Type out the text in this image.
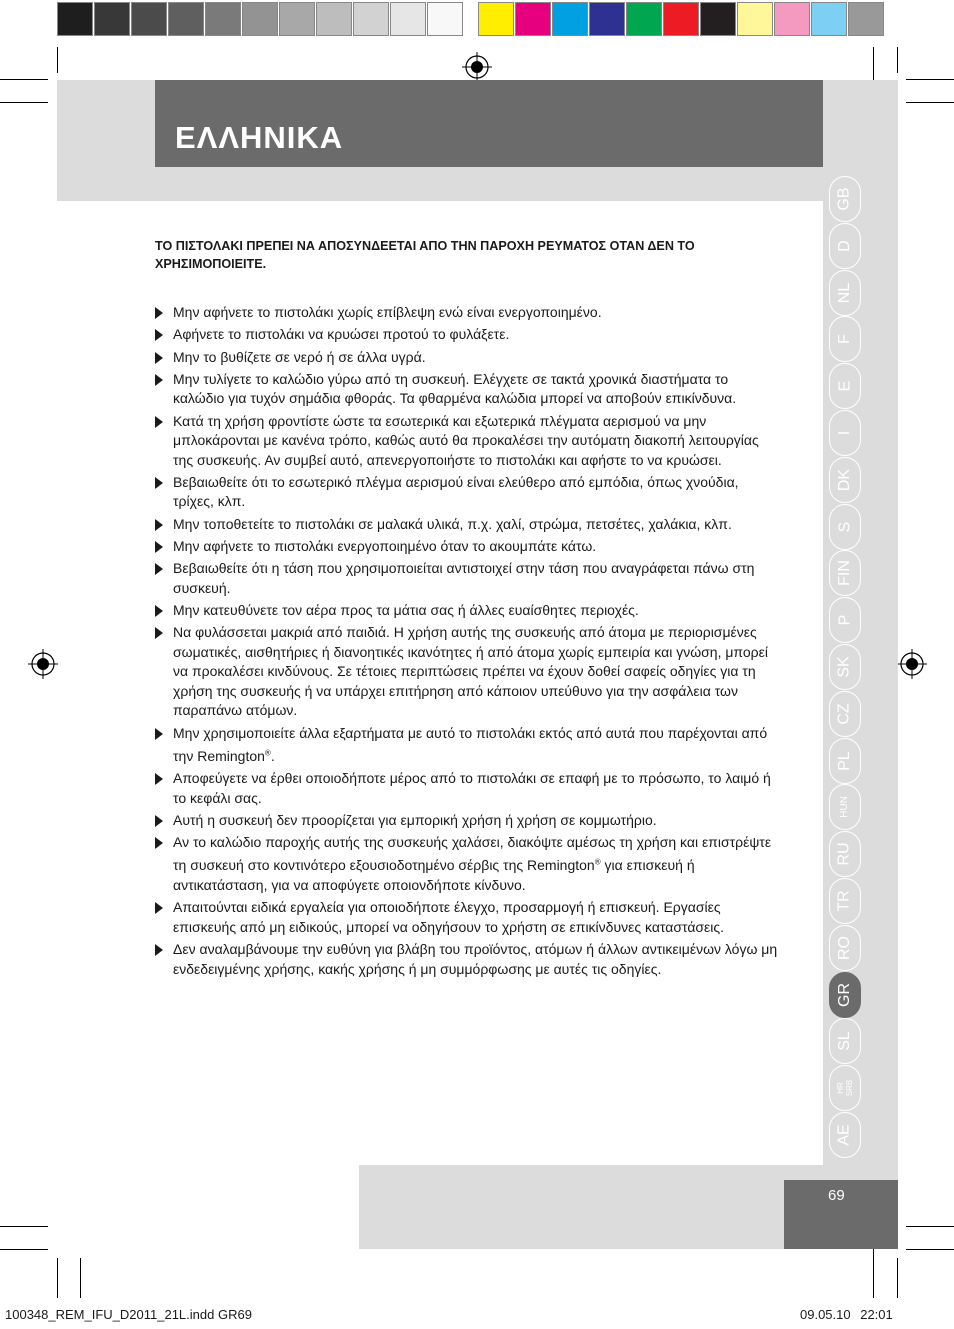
ΕΛΛΗΝΙΚΑ
69
GB
D
NL
F
E
I
DK
S
FIN
P
SK
CZ
PL
HUN
RU
TR
RO
GR
SL
HR
SRB
AE
ΤΟ ΠΙΣΤΟΛΑΚΙ ΠΡΕΠΕΙ ΝΑ ΑΠΟΣΥΝΔΕΕΤΑΙ ΑΠΟ ΤΗΝ ΠΑΡΟΧΗ ΡΕΥΜΑΤΟΣ ΟΤΑΝ ΔΕΝ ΤΟ ΧΡΗΣΙΜΟΠΟΙΕΙΤΕ.
Μην αφήνετε το πιστολάκι χωρίς επίβλεψη ενώ είναι ενεργοποιημένο.
Αφήνετε το πιστολάκι να κρυώσει προτού το φυλάξετε.
Μην το βυθίζετε σε νερό ή σε άλλα υγρά.
Μην τυλίγετε το καλώδιο γύρω από τη συσκευή. Ελέγχετε σε τακτά χρονικά διαστήματα το καλώδιο για τυχόν σημάδια φθοράς. Τα φθαρμένα καλώδια μπορεί να αποβούν επικίνδυνα.
Κατά τη χρήση φροντίστε ώστε τα εσωτερικά και εξωτερικά πλέγματα αερισμού να μην μπλοκάρονται με κανένα τρόπο, καθώς αυτό θα προκαλέσει την αυτόματη διακοπή λειτουργίας της συσκευής. Αν συμβεί αυτό, απενεργοποιήστε το πιστολάκι και αφήστε το να κρυώσει.
Βεβαιωθείτε ότι το εσωτερικό πλέγμα αερισμού είναι ελεύθερο από εμπόδια, όπως χνούδια, τρίχες, κλπ.
Μην τοποθετείτε το πιστολάκι σε μαλακά υλικά, π.χ. χαλί, στρώμα, πετσέτες, χαλάκια, κλπ.
Μην αφήνετε το πιστολάκι ενεργοποιημένο όταν το ακουμπάτε κάτω.
Βεβαιωθείτε ότι η τάση που χρησιμοποιείται αντιστοιχεί στην τάση που αναγράφεται πάνω στη συσκευή.
Μην κατευθύνετε τον αέρα προς τα μάτια σας ή άλλες ευαίσθητες περιοχές.
Να φυλάσσεται μακριά από παιδιά. Η χρήση αυτής της συσκευής από άτομα με περιορισμένες σωματικές, αισθητήριες ή διανοητικές ικανότητες ή από άτομα χωρίς εμπειρία και γνώση, μπορεί να προκαλέσει κινδύνους. Σε τέτοιες περιπτώσεις πρέπει να έχουν δοθεί σαφείς οδηγίες για τη χρήση της συσκευής ή να υπάρχει επιτήρηση από κάποιον υπεύθυνο για την ασφάλεια των παραπάνω ατόμων.
Μην χρησιμοποιείτε άλλα εξαρτήματα με αυτό το πιστολάκι εκτός από αυτά που παρέχονται από την Remington®.
Αποφεύγετε να έρθει οποιοδήποτε μέρος από το πιστολάκι σε επαφή με το πρόσωπο, το λαιμό ή το κεφάλι σας.
Αυτή η συσκευή δεν προορίζεται για εμπορική χρήση ή χρήση σε κομμωτήριο.
Αν το καλώδιο παροχής αυτής της συσκευής χαλάσει, διακόψτε αμέσως τη χρήση και επιστρέψτε τη συσκευή στο κοντινότερο εξουσιοδοτημένο σέρβις της Remington® για επισκευή ή αντικατάσταση, για να αποφύγετε οποιονδήποτε κίνδυνο.
Απαιτούνται ειδικά εργαλεία για οποιοδήποτε έλεγχο, προσαρμογή ή επισκευή. Εργασίες επισκευής από μη ειδικούς, μπορεί να οδηγήσουν το χρήστη σε επικίνδυνες καταστάσεις.
Δεν αναλαμβάνουμε την ευθύνη για βλάβη του προϊόντος, ατόμων ή άλλων αντικειμένων λόγω μη ενδεδειγμένης χρήσης, κακής χρήσης ή μη συμμόρφωσης με αυτές τις οδηγίες.
100348_REM_IFU_D2011_21L.indd GR69	09.05.10 22:01
